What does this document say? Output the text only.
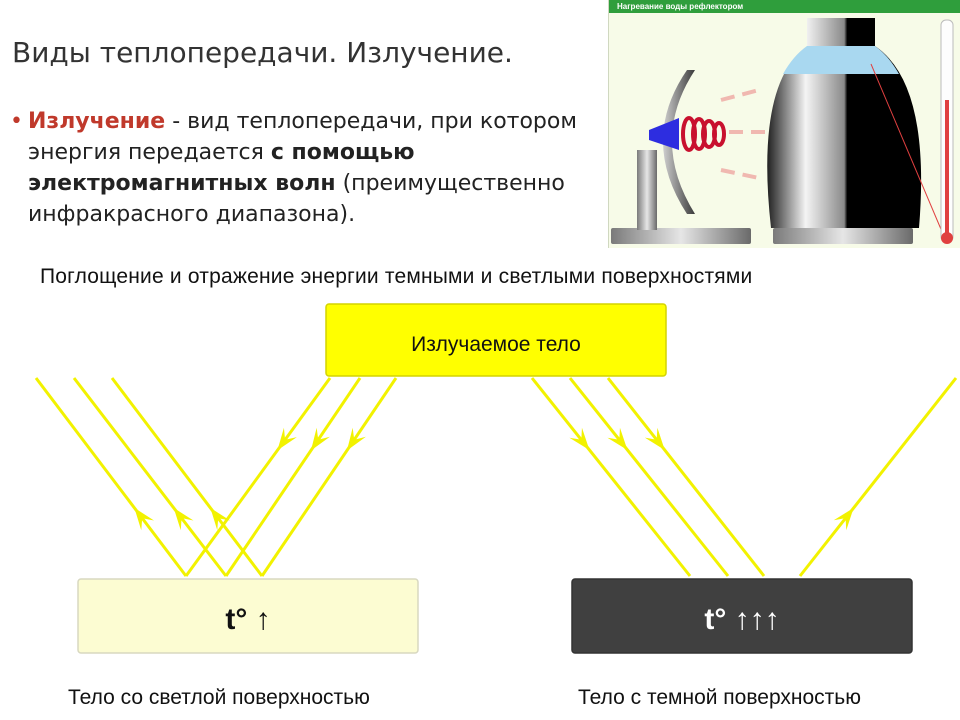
Виды теплопередачи. Излучение.
• Излучение - вид теплопередачи, при котором энергия передается с помощью электромагнитных волн (преимущественно инфракрасного диапазона).
Нагревание воды рефлектором
Поглощение и отражение энергии темными и светлыми поверхностями
Излучаемое тело
t° ↑	t° ↑↑↑
Тело со светлой поверхностью	Тело с темной поверхностью
